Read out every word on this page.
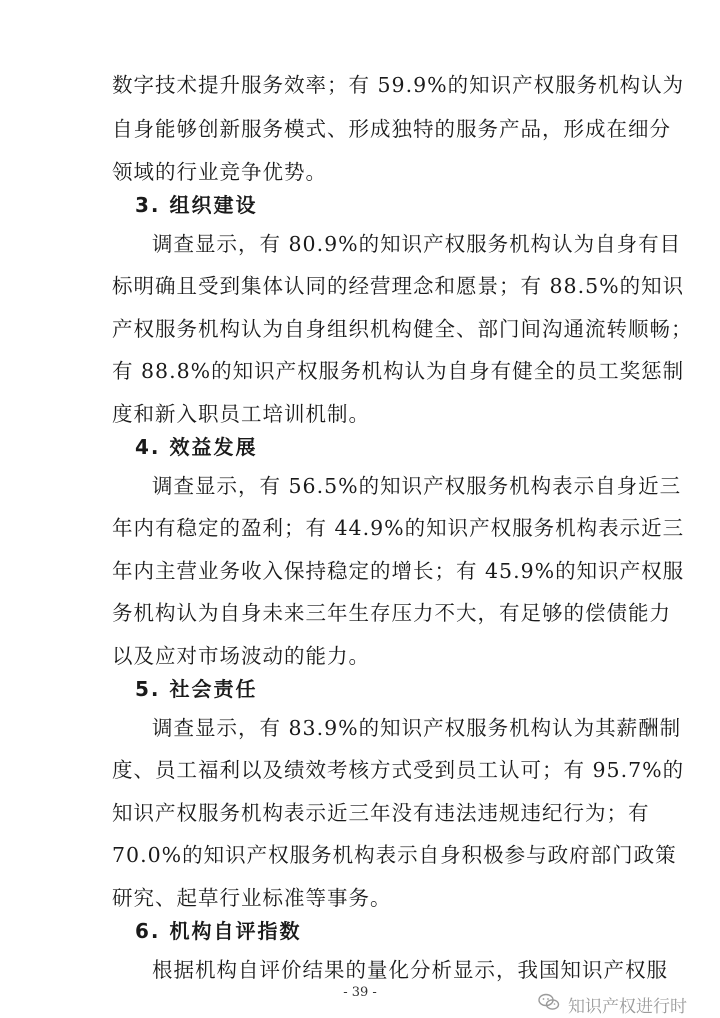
数字技术提升服务效率；有 59.9%的知识产权服务机构认为
自身能够创新服务模式、形成独特的服务产品，形成在细分
领域的行业竞争优势。
3. 组织建设
调查显示，有 80.9%的知识产权服务机构认为自身有目
标明确且受到集体认同的经营理念和愿景；有 88.5%的知识
产权服务机构认为自身组织机构健全、部门间沟通流转顺畅；
有 88.8%的知识产权服务机构认为自身有健全的员工奖惩制
度和新入职员工培训机制。
4. 效益发展
调查显示，有 56.5%的知识产权服务机构表示自身近三
年内有稳定的盈利；有 44.9%的知识产权服务机构表示近三
年内主营业务收入保持稳定的增长；有 45.9%的知识产权服
务机构认为自身未来三年生存压力不大，有足够的偿债能力
以及应对市场波动的能力。
5. 社会责任
调查显示，有 83.9%的知识产权服务机构认为其薪酬制
度、员工福利以及绩效考核方式受到员工认可；有 95.7%的
知识产权服务机构表示近三年没有违法违规违纪行为；有
70.0%的知识产权服务机构表示自身积极参与政府部门政策
研究、起草行业标准等事务。
6. 机构自评指数
根据机构自评价结果的量化分析显示，我国知识产权服
- 39 -
知识产权进行时
